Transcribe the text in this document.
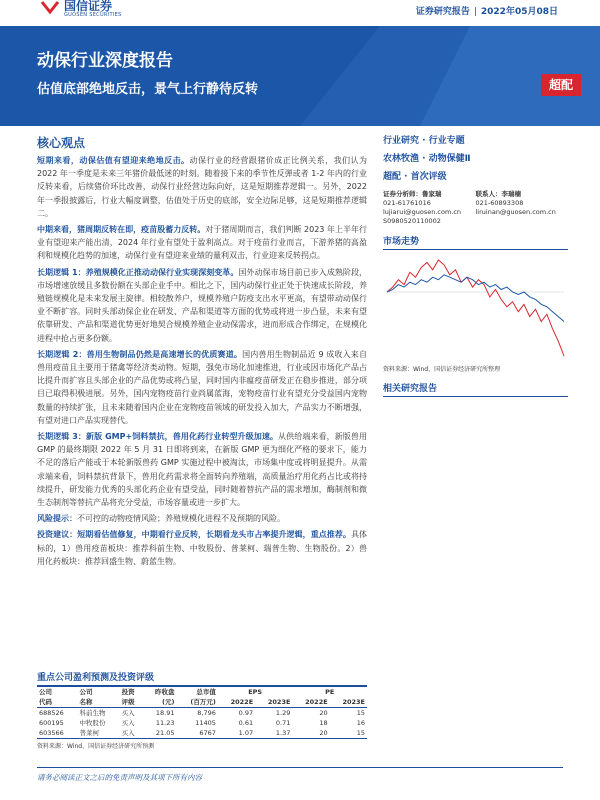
国信证券
GUOSEN SECURITIES	证券研究报告 | 2022年05月08日
动保行业深度报告
估值底部绝地反击，景气上行静待反转	超配
核心观点

短期来看，动保估值有望迎来绝地反击。动保行业的经营跟猪价成正比例关系，我们认为 2022 年一季度是未来三年猪价最低迷的时刻。随着接下来的季节性反弹或者 1-2 年内的行业反转来看，后续猪价环比改善，动保行业经营边际向好，这是短期推荐逻辑一。另外，2022 年一季报披露后，行业大幅度调整，估值处于历史的底部，安全边际足够，这是短期推荐逻辑二。

中期来看，猪周期反转在即，疫苗股蓄力反转。对于猪周期而言，我们判断 2023 年上半年行业有望迎来产能出清，2024 年行业有望处于盈利高点。对于疫苗行业而言，下游养猪的高盈利和规模化趋势的加速，动保行业有望迎来业绩的量利双击，行业迎来反转拐点。

长期逻辑 1：养殖规模化正推动动保行业实现深刻变革。国外动保市场目前已步入成熟阶段，市场增速放缓且多数份额在头部企业手中。相比之下，国内动保行业正处于快速成长阶段，养殖链规模化是未来发展主旋律。相较散养户，规模养殖户防疫支出水平更高，有望带动动保行业不断扩容。同时头部动保企业在研发、产品和渠道等方面的优势或将进一步凸显，未来有望依靠研发、产品和渠道优势更好地契合规模养殖企业动保需求，进而形成合作绑定，在规模化进程中抢占更多份额。

长期逻辑 2：兽用生物制品仍然是高速增长的优质赛道。国内兽用生物制品近 9 成收入来自兽用疫苗且主要用于猪禽等经济类动物。短期，强免市场化加速推进，行业或因市场化产品占比提升而扩容且头部企业的产品优势或将凸显，同时国内非瘟疫苗研发正在稳步推进，部分项目已取得积极进展。另外，国内宠物疫苗行业尚属蓝海，宠物疫苗行业有望充分受益国内宠物数量的持续扩张，且未来随着国内企业在宠物疫苗领域的研发投入加大，产品实力不断增强，有望对进口产品实现替代。

长期逻辑 3：新版 GMP+饲料禁抗，兽用化药行业转型升级加速。从供给端来看，新版兽用 GMP 的最终期限 2022 年 5 月 31 日即将到来，在新版 GMP 更为细化严格的要求下，能力不足的落后产能或于本轮新版兽药 GMP 实施过程中被淘汰，市场集中度或将明显提升。从需求端来看，饲料禁抗背景下，兽用化药需求将全面转向养殖端，高质量治疗用化药占比或将持续提升，研发能力优秀的头部化药企业有望受益，同时随着替抗产品的需求增加，酶制剂和微生态制剂等替抗产品将充分受益，市场容量或进一步扩大。

风险提示：不可控的动物疫情风险；养殖规模化进程不及预期的风险。

投资建议：短期看估值修复，中期看行业反转，长期看龙头市占率提升逻辑，重点推荐。具体标的，1）兽用疫苗板块：推荐科前生物、中牧股份、普莱柯、瑞普生物、生物股份。2）兽用化药板块：推荐回盛生物、蔚蓝生物。

行业研究 · 行业专题
农林牧渔 · 动物保健Ⅱ
超配 · 首次评级
证券分析师：鲁家瑞
021-61761016
lujiarui@guosen.com.cn
联系人：李瑞楠
021-60893308
liruinan@guosen.com.cn
S0980520110002
市场走势
资料来源：Wind、国信证券经济研究所整理
相关研究报告
重点公司盈利预测及投资评级
公司	公司	投资	昨收盘	总市值	EPS		PE	
代码	名称	评级	(元)	(百万元)	2022E	2023E	2022E	2023E
688526	科前生物	买入	18.91	8,796	0.97	1.29	20	15
600195	中牧股份	买入	11.23	11405	0.61	0.71	18	16
603566	普莱柯	买入	21.05	6767	1.07	1.37	20	15
资料来源：Wind、国信证券经济研究所预测
请务必阅读正文之后的免责声明及其项下所有内容
